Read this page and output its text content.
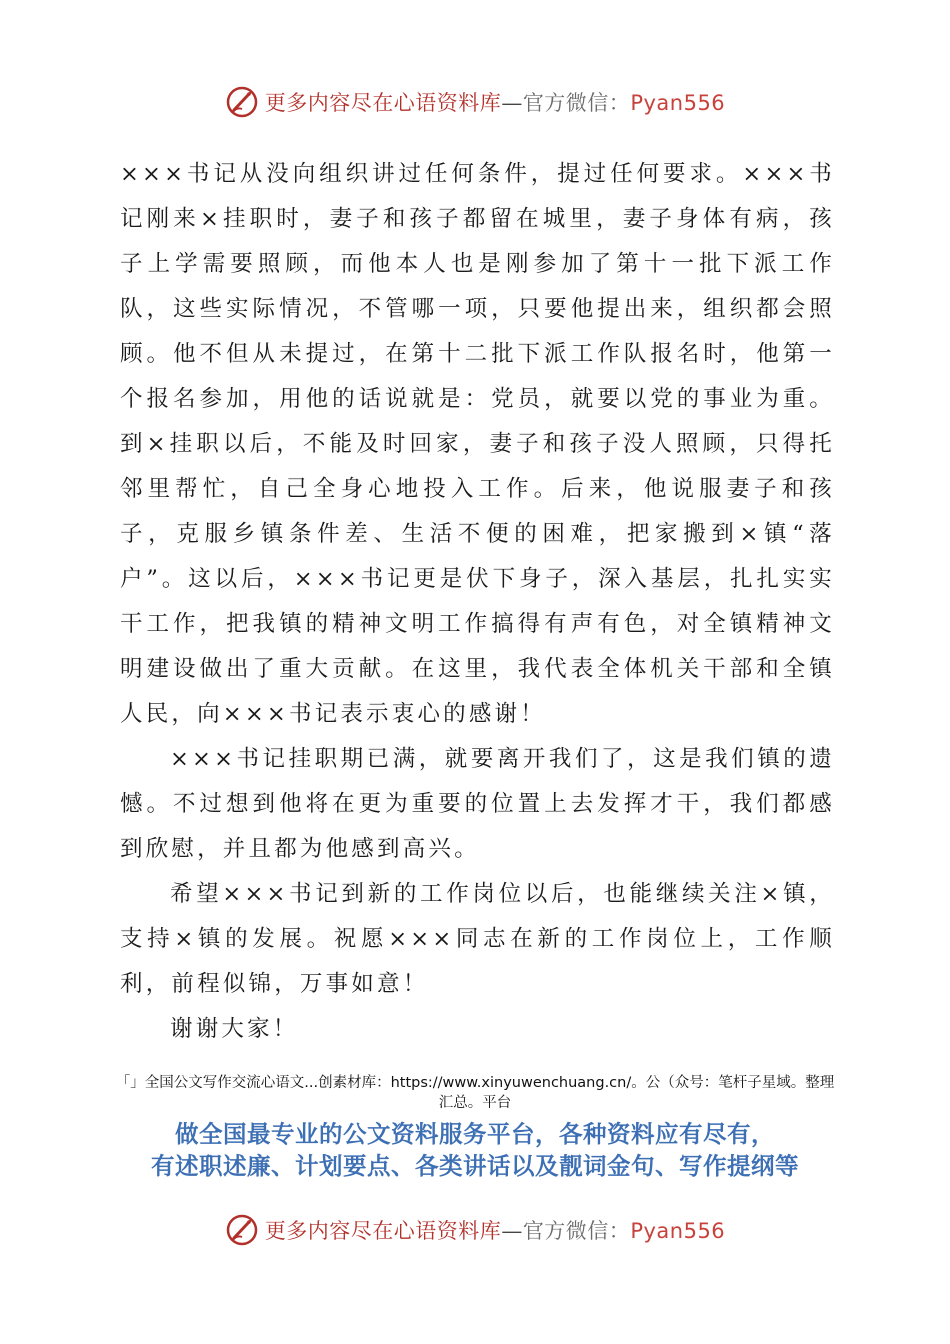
更多内容尽在心语资料库—官方微信：Pyan556

×××书记从没向组织讲过任何条件，提过任何要求。×××书记刚来×挂职时，妻子和孩子都留在城里，妻子身体有病，孩子上学需要照顾，而他本人也是刚参加了第十一批下派工作队，这些实际情况，不管哪一项，只要他提出来，组织都会照顾。他不但从未提过，在第十二批下派工作队报名时，他第一个报名参加，用他的话说就是：党员，就要以党的事业为重。到×挂职以后，不能及时回家，妻子和孩子没人照顾，只得托邻里帮忙，自己全身心地投入工作。后来，他说服妻子和孩子，克服乡镇条件差、生活不便的困难，把家搬到×镇“落户”。这以后，×××书记更是伏下身子，深入基层，扎扎实实干工作，把我镇的精神文明工作搞得有声有色，对全镇精神文明建设做出了重大贡献。在这里，我代表全体机关干部和全镇人民，向×××书记表示衷心的感谢！

×××书记挂职期已满，就要离开我们了，这是我们镇的遗憾。不过想到他将在更为重要的位置上去发挥才干，我们都感到欣慰，并且都为他感到高兴。

希望×××书记到新的工作岗位以后，也能继续关注×镇，支持×镇的发展。祝愿×××同志在新的工作岗位上，工作顺利，前程似锦，万事如意！

谢谢大家！

「」全国公文写作交流心语文...创素材库：https://www.xinyuwenchuang.cn/。公（众号：笔杆子星域。整理汇总。平台
做全国最专业的公文资料服务平台，各种资料应有尽有，
有述职述廉、计划要点、各类讲话以及靓词金句、写作提纲等
更多内容尽在心语资料库—官方微信：Pyan556
